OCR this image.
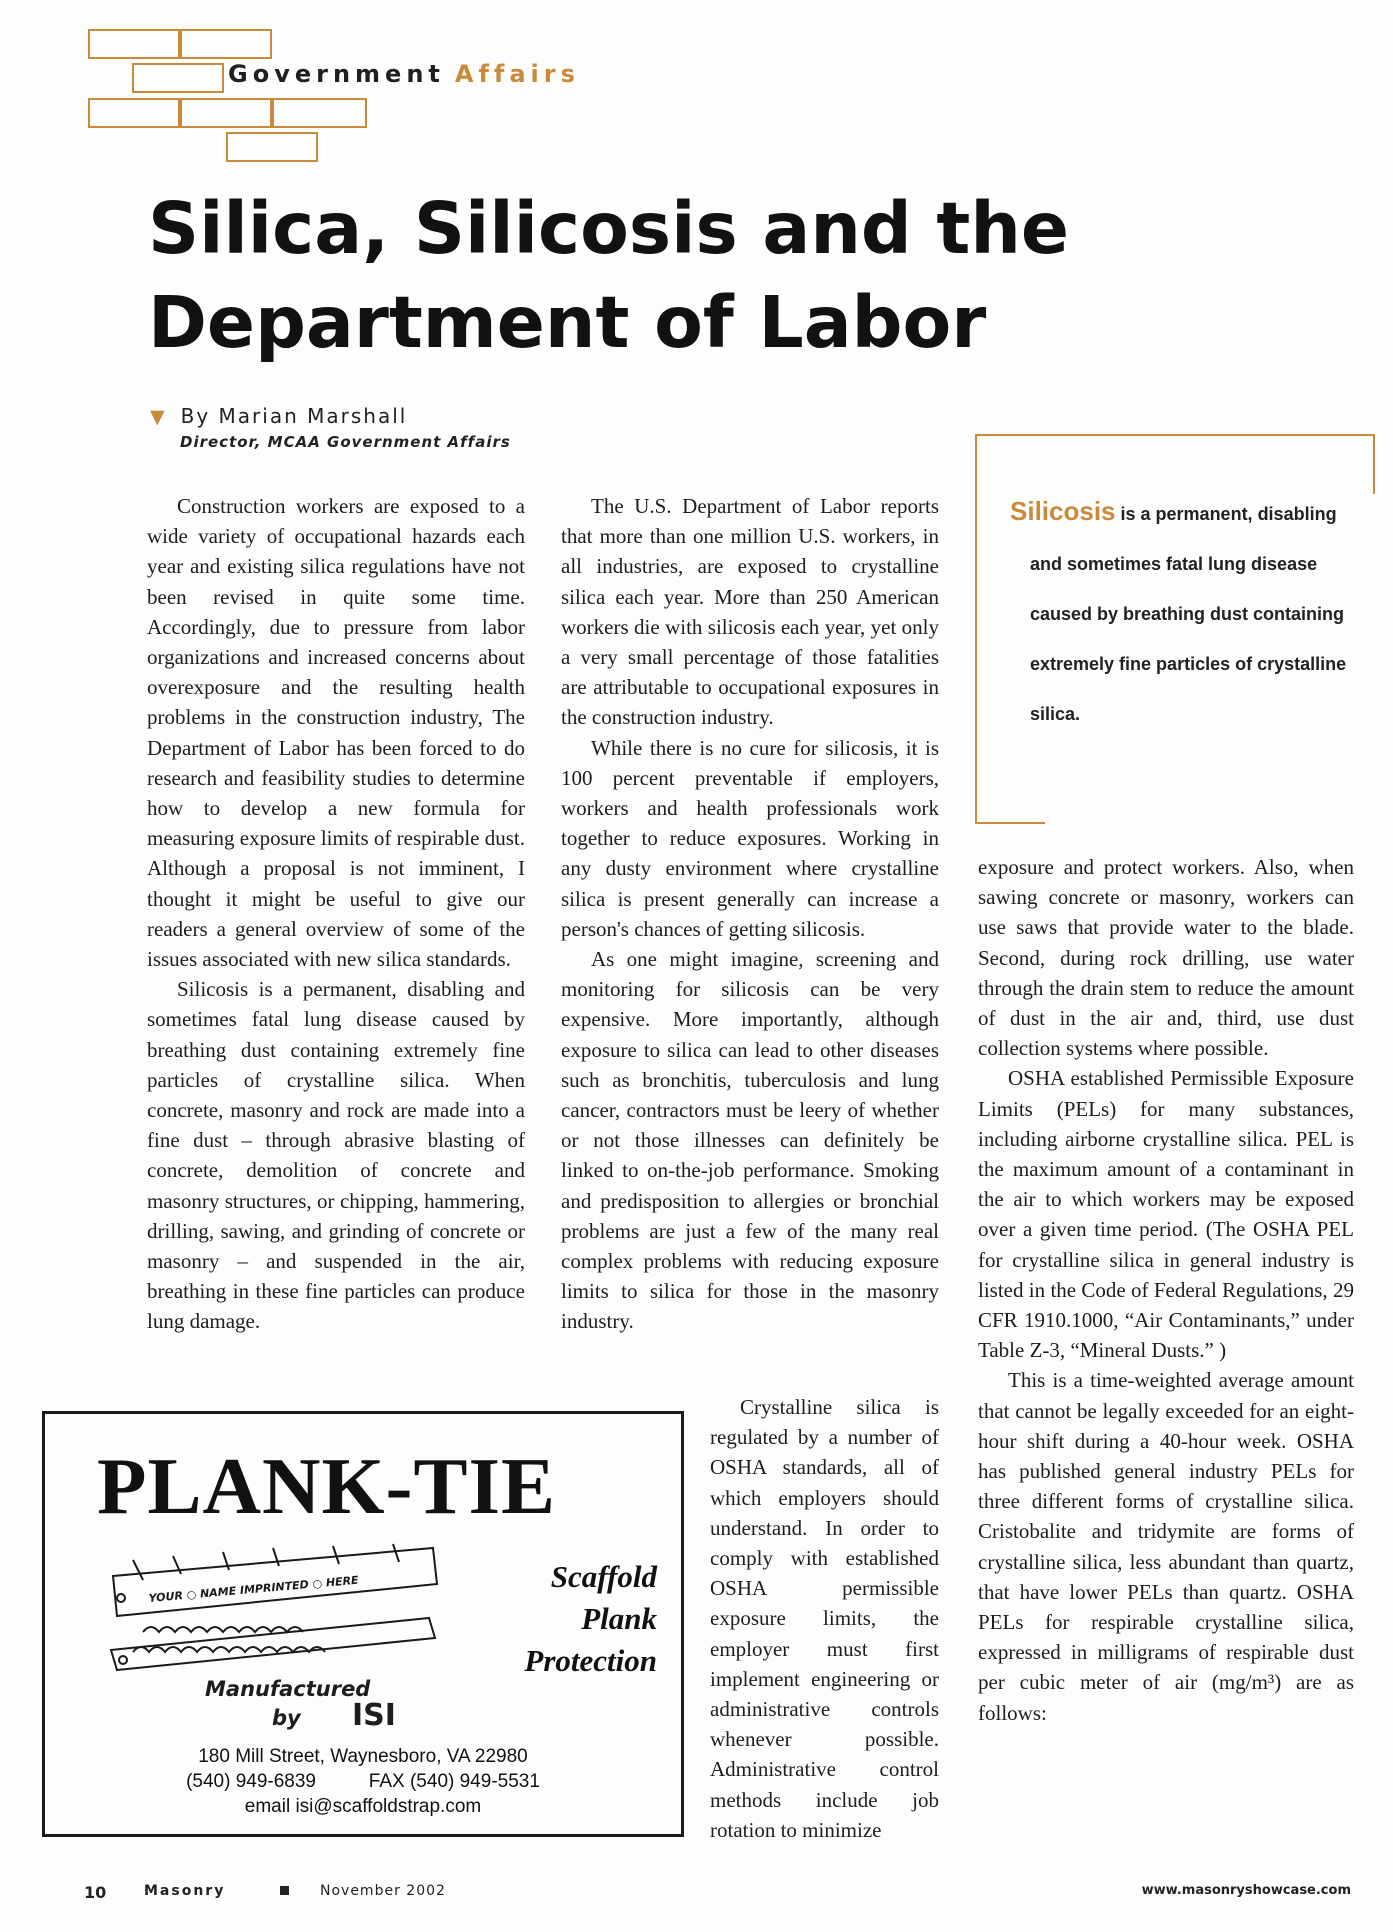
Government Affairs
Silica, Silicosis and the
Department of Labor
▼ By Marian Marshall
Director, MCAA Government Affairs

Construction workers are exposed to a wide variety of occupational hazards each year and existing silica regulations have not been revised in quite some time. Accordingly, due to pressure from labor organizations and increased concerns about overexposure and the resulting health problems in the construction industry, The Department of Labor has been forced to do research and feasibility studies to determine how to develop a new formula for measuring exposure limits of respirable dust. Although a proposal is not imminent, I thought it might be useful to give our readers a general overview of some of the issues associated with new silica standards.

Silicosis is a permanent, disabling and sometimes fatal lung disease caused by breathing dust containing extremely fine particles of crystalline silica. When concrete, masonry and rock are made into a fine dust – through abrasive blasting of concrete, demolition of concrete and masonry structures, or chipping, hammering, drilling, sawing, and grinding of concrete or masonry – and suspended in the air, breathing in these fine particles can produce lung damage.

The U.S. Department of Labor reports that more than one million U.S. workers, in all industries, are exposed to crystalline silica each year. More than 250 American workers die with silicosis each year, yet only a very small percentage of those fatalities are attributable to occupational exposures in the construction industry.

While there is no cure for silicosis, it is 100 percent preventable if employers, workers and health professionals work together to reduce exposures. Working in any dusty environment where crystalline silica is present generally can increase a person's chances of getting silicosis.

As one might imagine, screening and monitoring for silicosis can be very expensive. More importantly, although exposure to silica can lead to other diseases such as bronchitis, tuberculosis and lung cancer, contractors must be leery of whether or not those illnesses can definitely be linked to on-the-job performance. Smoking and predisposition to allergies or bronchial problems are just a few of the many real complex problems with reducing exposure limits to silica for those in the masonry industry.

Crystalline silica is regulated by a number of OSHA standards, all of which employers should understand. In order to comply with established OSHA permissible exposure limits, the employer must first implement engineering or administrative controls whenever possible. Administrative control methods include job rotation to minimize

exposure and protect workers. Also, when sawing concrete or masonry, workers can use saws that provide water to the blade. Second, during rock drilling, use water through the drain stem to reduce the amount of dust in the air and, third, use dust collection systems where possible.

OSHA established Permissible Exposure Limits (PELs) for many substances, including airborne crystalline silica. PEL is the maximum amount of a contaminant in the air to which workers may be exposed over a given time period. (The OSHA PEL for crystalline silica in general industry is listed in the Code of Federal Regulations, 29 CFR 1910.1000, “Air Contaminants,” under Table Z-3, “Mineral Dusts.” )

This is a time-weighted average amount that cannot be legally exceeded for an eight-hour shift during a 40-hour week. OSHA has published general industry PELs for three different forms of crystalline silica. Cristobalite and tridymite are forms of crystalline silica, less abundant than quartz, that have lower PELs than quartz. OSHA PELs for respirable crystalline silica, expressed in milligrams of respirable dust per cubic meter of air (mg/m³) are as follows:

Silicosis is a permanent, disabling and sometimes fatal lung disease caused by breathing dust containing extremely fine particles of crystalline silica.
PLANK-TIE
YOUR ○ NAME IMPRINTED ○ HERE	Scaffold
Plank
Protection
Manufactured
by ISI
180 Mill Street, Waynesboro, VA 22980
(540) 949-6839	FAX (540) 949-5531
email isi@scaffoldstrap.com
10	Masonry	November 2002	www.masonryshowcase.com
